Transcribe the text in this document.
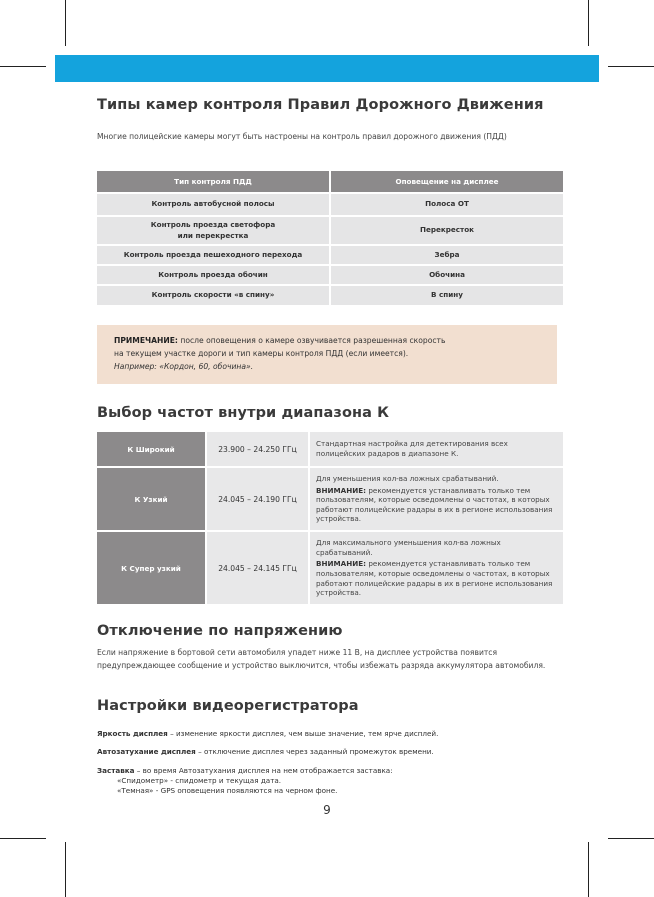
Типы камер контроля Правил Дорожного Движения

Многие полицейские камеры могут быть настроены на контроль правил дорожного движения (ПДД)

Тип контроля ПДД	Оповещение на дисплее
Контроль автобусной полосы	Полоса ОТ
Контроль проезда светофора
или перекрестка	Перекресток
Контроль проезда пешеходного перехода	Зебра
Контроль проезда обочин	Обочина
Контроль скорости «в спину»	В спину
ПРИМЕЧАНИЕ: после оповещения о камере озвучивается разрешенная скорость
на текущем участке дороги и тип камеры контроля ПДД (если имеется).
Например: «Кордон, 60, обочина».
Выбор частот внутри диапазона К
К Широкий	23.900 – 24.250 ГГц	Стандартная настройка для детектирования всех полицейских радаров в диапазоне К.

К Узкий	24.045 – 24.190 ГГц	Для уменьшения кол-ва ложных срабатываний.
ВНИМАНИЕ: рекомендуется устанавливать только тем пользователям, которые осведомлены о частотах, в которых работают полицейские радары в их в регионе использования устройства.

К Супер узкий	24.045 – 24.145 ГГц	Для максимального уменьшения кол-ва ложных срабатываний.
ВНИМАНИЕ: рекомендуется устанавливать только тем пользователям, которые осведомлены о частотах, в которых работают полицейские радары в их в регионе использования устройства.
Отключение по напряжению

Если напряжение в бортовой сети автомобиля упадет ниже 11 В, на дисплее устройства появится предупреждающее сообщение и устройство выключится, чтобы избежать разряда аккумулятора автомобиля.

Настройки видеорегистратора

Яркость дисплея – изменение яркости дисплея, чем выше значение, тем ярче дисплей.

Автозатухание дисплея – отключение дисплея через заданный промежуток времени.

Заставка – во время Автозатухания дисплея на нем отображается заставка:

«Спидометр» - спидометр и текущая дата.

«Темная» - GPS оповещения появляются на черном фоне.

9
